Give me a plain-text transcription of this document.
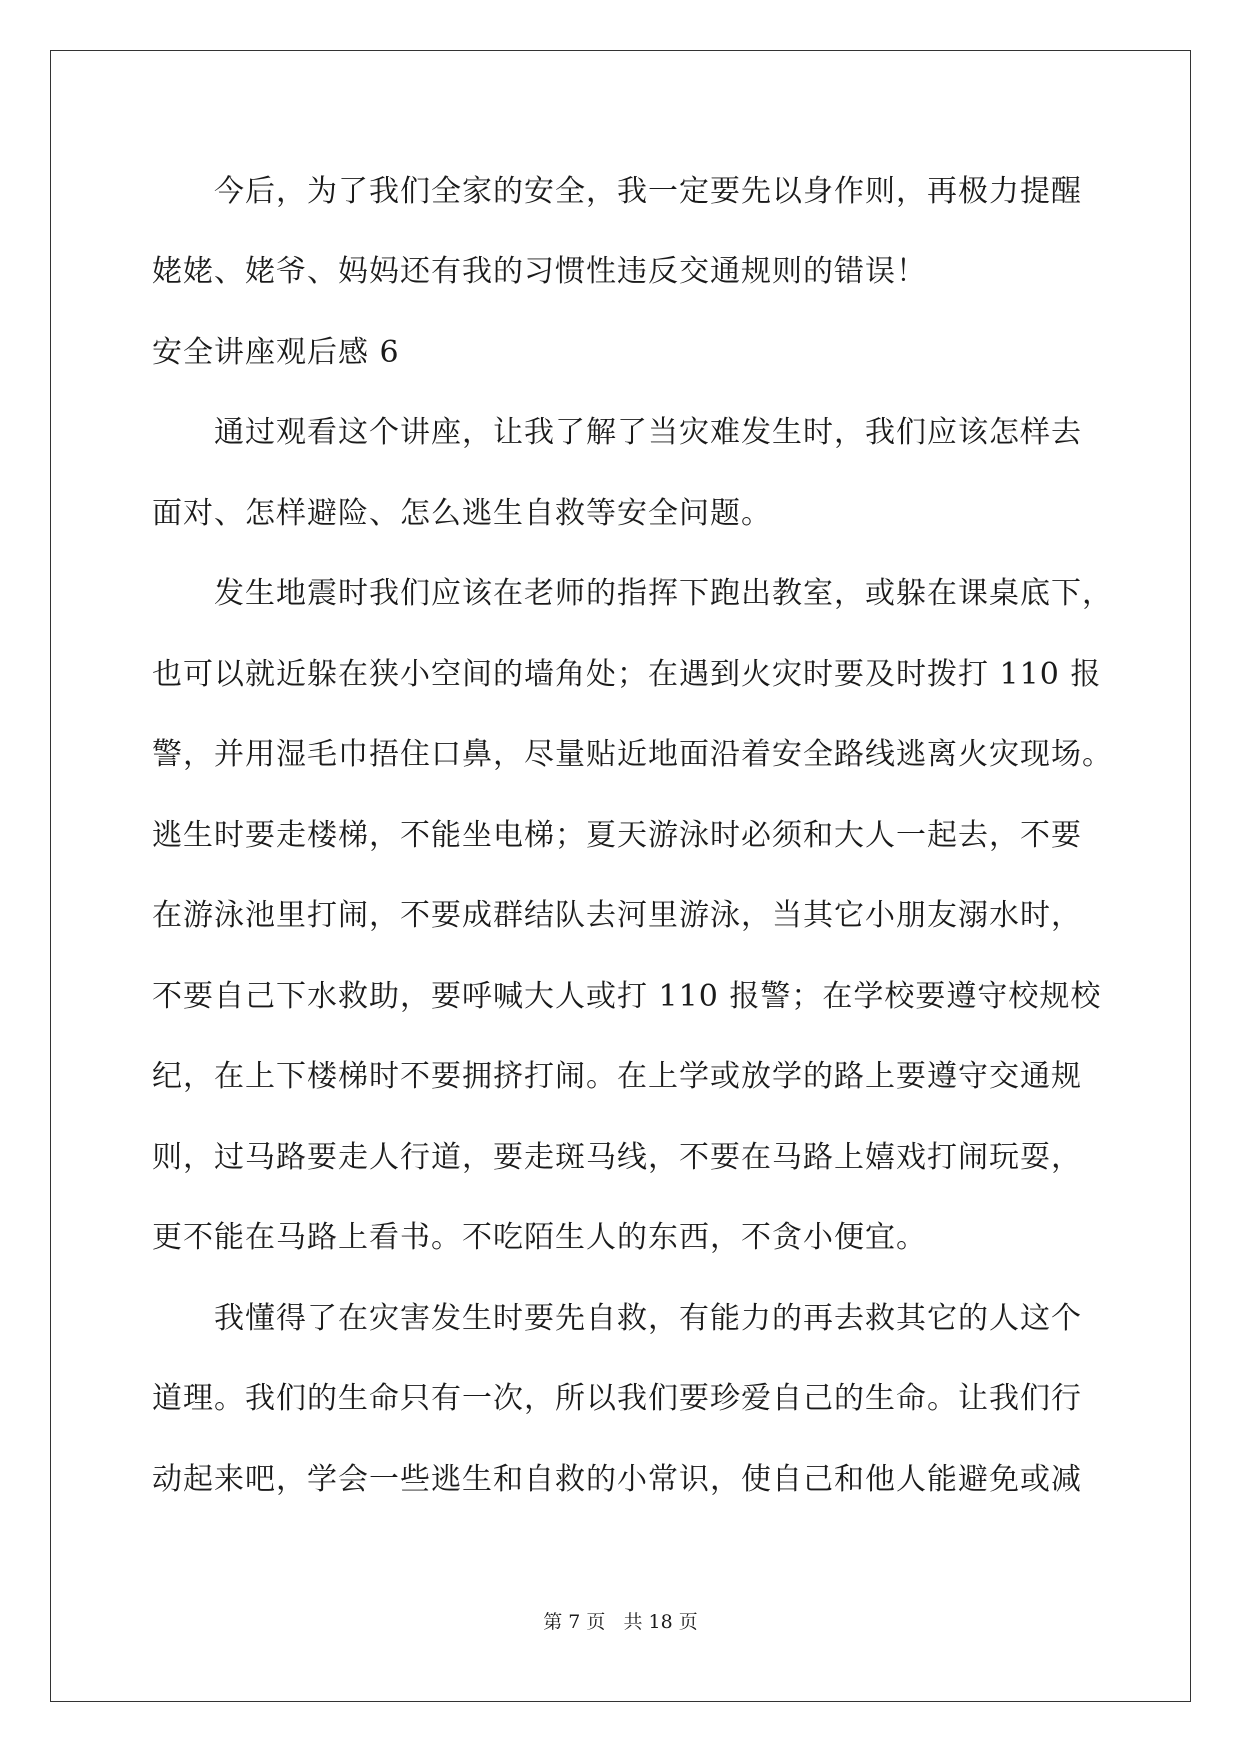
今后，为了我们全家的安全，我一定要先以身作则，再极力提醒
姥姥、姥爷、妈妈还有我的习惯性违反交通规则的错误！
安全讲座观后感 6
通过观看这个讲座，让我了解了当灾难发生时，我们应该怎样去
面对、怎样避险、怎么逃生自救等安全问题。
发生地震时我们应该在老师的指挥下跑出教室，或躲在课桌底下，
也可以就近躲在狭小空间的墙角处；在遇到火灾时要及时拨打 110 报
警，并用湿毛巾捂住口鼻，尽量贴近地面沿着安全路线逃离火灾现场。
逃生时要走楼梯，不能坐电梯；夏天游泳时必须和大人一起去，不要
在游泳池里打闹，不要成群结队去河里游泳，当其它小朋友溺水时，
不要自己下水救助，要呼喊大人或打 110 报警；在学校要遵守校规校
纪，在上下楼梯时不要拥挤打闹。在上学或放学的路上要遵守交通规
则，过马路要走人行道，要走斑马线，不要在马路上嬉戏打闹玩耍，
更不能在马路上看书。不吃陌生人的东西，不贪小便宜。
我懂得了在灾害发生时要先自救，有能力的再去救其它的人这个
道理。我们的生命只有一次，所以我们要珍爱自己的生命。让我们行
动起来吧，学会一些逃生和自救的小常识，使自己和他人能避免或减
第 7 页 共 18 页
